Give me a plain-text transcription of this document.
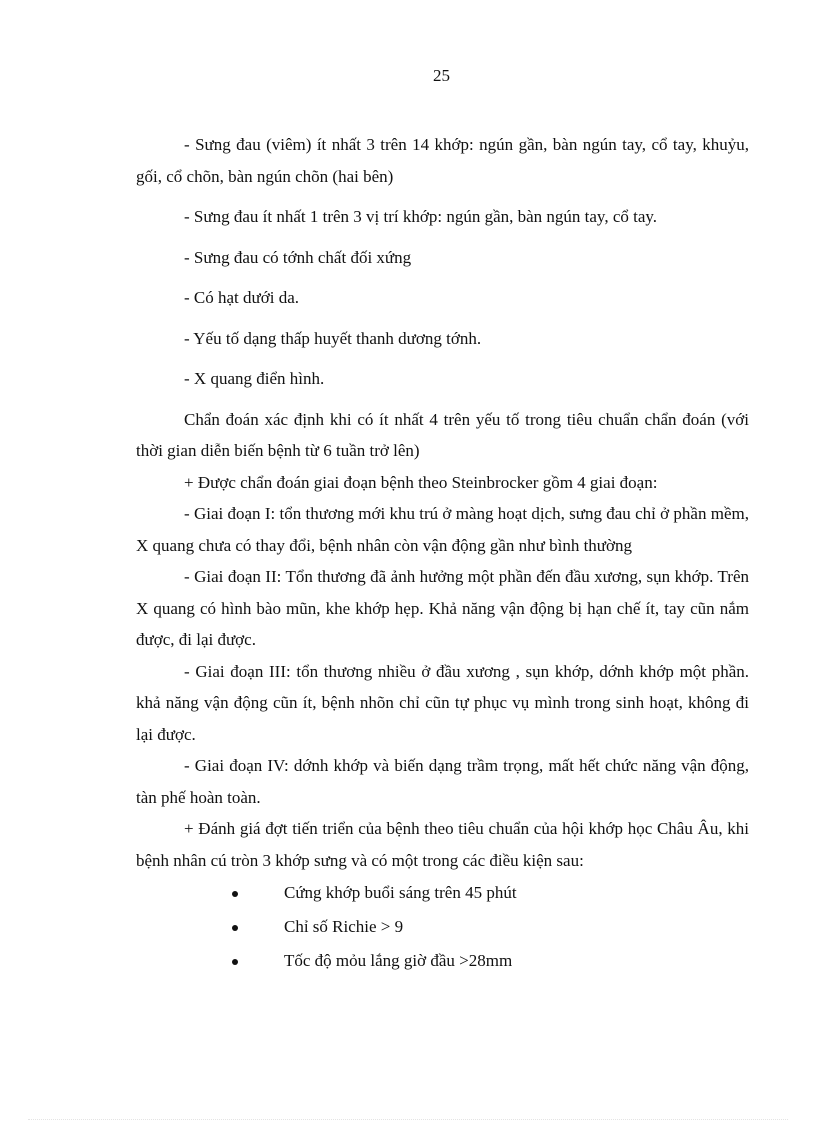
25

- Sưng đau (viêm) ít nhất 3 trên 14 khớp: ngún gần, bàn ngún tay, cổ tay, khuỷu, gối, cổ chõn, bàn ngún chõn (hai bên)

- Sưng đau ít nhất 1 trên 3 vị trí khớp: ngún gần, bàn ngún tay, cổ tay.

- Sưng đau có tớnh chất đối xứng

- Có hạt dưới da.

- Yếu tố dạng thấp huyết thanh dương tớnh.

- X quang điển hình.

Chẩn đoán xác định khi có ít nhất 4 trên yếu tố trong tiêu chuẩn chẩn đoán (với thời gian diễn biến bệnh từ 6 tuần trở lên)

+ Được chẩn đoán giai đoạn bệnh theo Steinbrocker gồm 4 giai đoạn:

- Giai đoạn I: tổn thương mới khu trú ở màng hoạt dịch, sưng đau chỉ ở phần mềm, X quang chưa có thay đổi, bệnh nhân còn vận động gần như bình thường

- Giai đoạn II: Tổn thương đã ảnh hưởng một phần đến đầu xương, sụn khớp. Trên X quang có hình bào mũn, khe khớp hẹp. Khả năng vận động bị hạn chế ít, tay cũn nắm được, đi lại được.

- Giai đoạn III: tổn thương nhiều ở đầu xương , sụn khớp, dớnh khớp một phần. khả năng vận động cũn ít, bệnh nhõn chỉ cũn tự phục vụ mình trong sinh hoạt, không đi lại được.

- Giai đoạn IV: dớnh khớp và biến dạng trầm trọng, mất hết chức năng vận động, tàn phế hoàn toàn.

+ Đánh giá đợt tiến triển của bệnh theo tiêu chuẩn của hội khớp học Châu Âu, khi bệnh nhân cú tròn 3 khớp sưng và có một trong các điều kiện sau:

Cứng khớp buổi sáng trên 45 phút
Chỉ số Richie > 9
Tốc độ mỏu lắng giờ đầu >28mm
